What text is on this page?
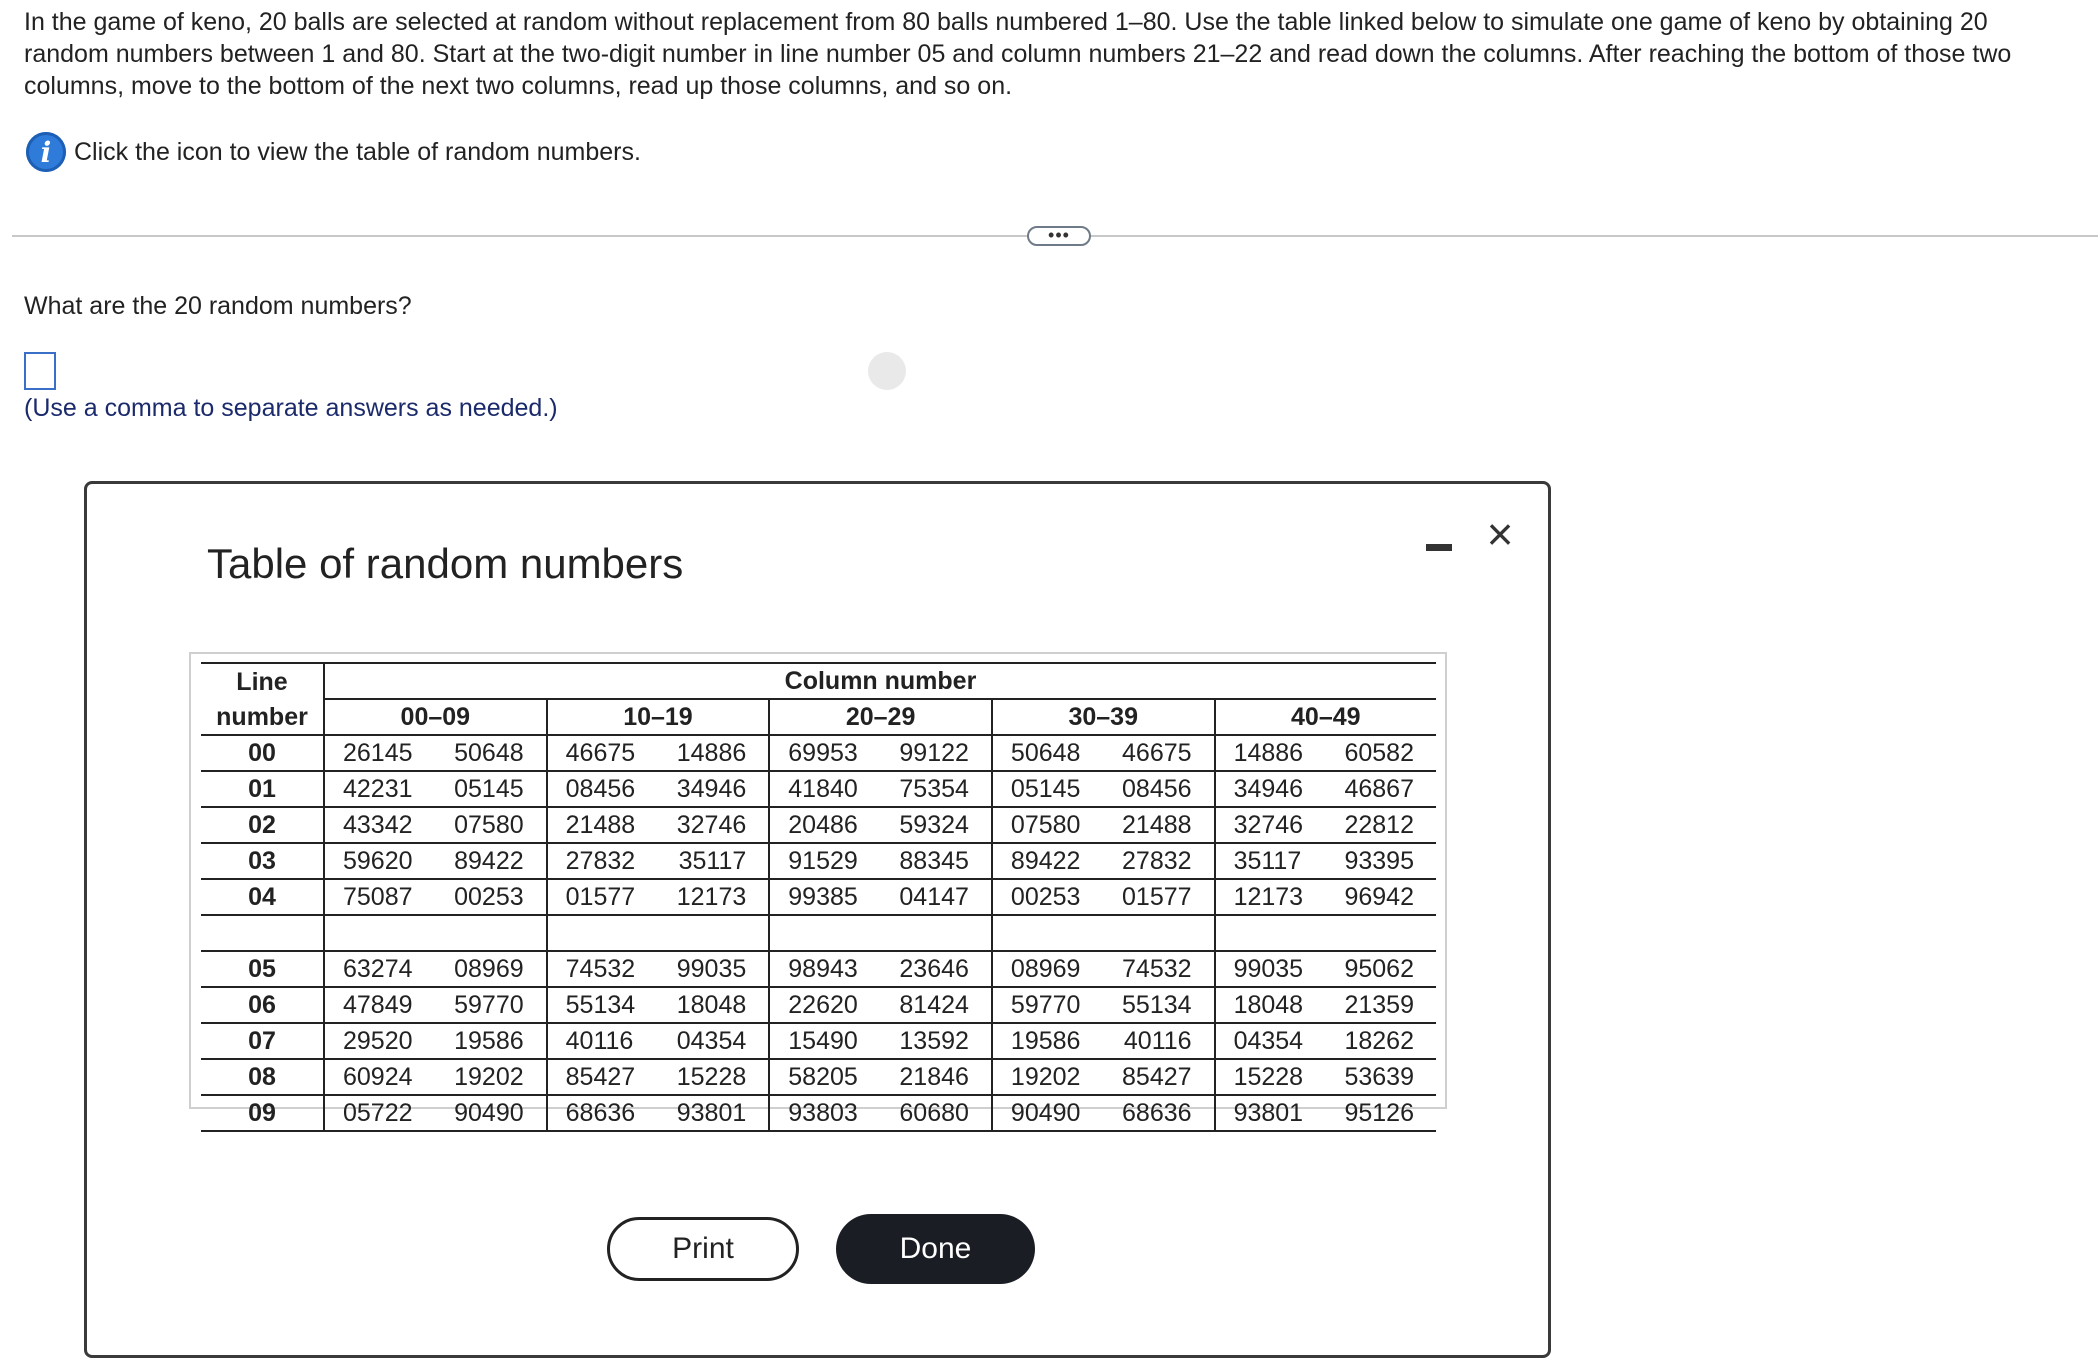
In the game of keno, 20 balls are selected at random without replacement from 80 balls numbered 1–80. Use the table linked below to simulate one game of keno by obtaining 20 random numbers between 1 and 80. Start at the two-digit number in line number 05 and column numbers 21–22 and read down the columns. After reaching the bottom of those two columns, move to the bottom of the next two columns, read up those columns, and so on.
i Click the icon to view the table of random numbers.
•••
What are the 20 random numbers?
(Use a comma to separate answers as needed.)
Table of random numbers
×
Line	Column number									
number	00–09		10–19		20–29		30–39		40–49	
00	26145	50648	46675	14886	69953	99122	50648	46675	14886	60582
01	42231	05145	08456	34946	41840	75354	05145	08456	34946	46867
02	43342	07580	21488	32746	20486	59324	07580	21488	32746	22812
03	59620	89422	27832	35117	91529	88345	89422	27832	35117	93395
04	75087	00253	01577	12173	99385	04147	00253	01577	12173	96942

05	63274	08969	74532	99035	98943	23646	08969	74532	99035	95062
06	47849	59770	55134	18048	22620	81424	59770	55134	18048	21359
07	29520	19586	40116	04354	15490	13592	19586	40116	04354	18262
08	60924	19202	85427	15228	58205	21846	19202	85427	15228	53639
09	05722	90490	68636	93801	93803	60680	90490	68636	93801	95126
Print	Done
